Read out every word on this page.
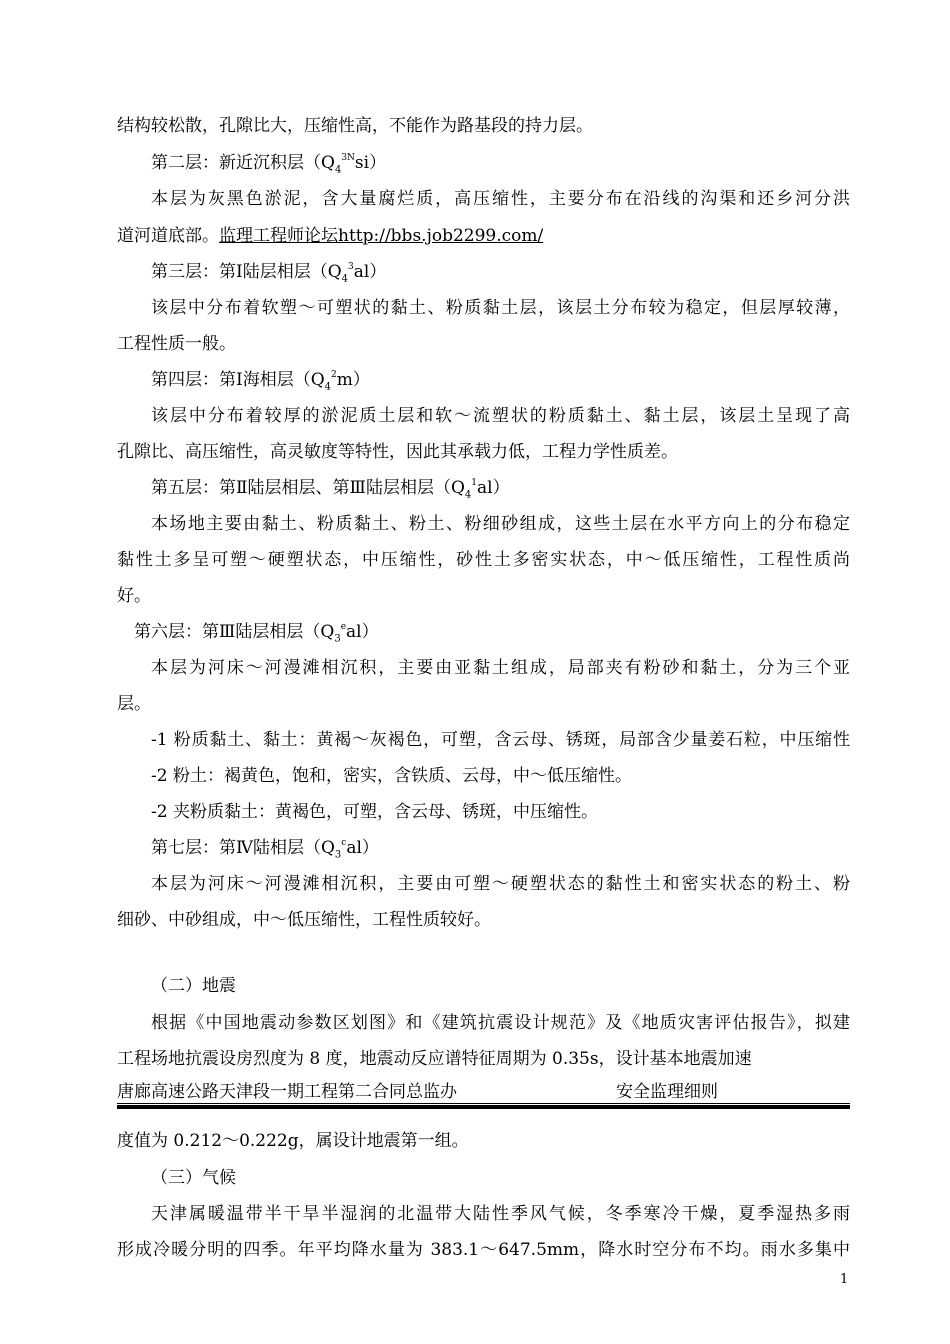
结构较松散，孔隙比大，压缩性高，不能作为路基段的持力层。
第二层：新近沉积层$(Q_4^{3N}si)$
本层为灰黑色淤泥，含大量腐烂质，高压缩性，主要分布在沿线的沟渠和还乡河分洪
道河道底部。监理工程师论坛http://bbs.job2299.com/
第三层：第Ⅰ陆层相层$(Q_4^3al)$
该层中分布着软塑～可塑状的黏土、粉质黏土层，该层土分布较为稳定，但层厚较薄，
工程性质一般。
第四层：第Ⅰ海相层$(Q_4^2m)$
该层中分布着较厚的淤泥质土层和软～流塑状的粉质黏土、黏土层，该层土呈现了高
孔隙比、高压缩性，高灵敏度等特性，因此其承载力低，工程力学性质差。
第五层：第Ⅱ陆层相层、第Ⅲ陆层相层$(Q_4^1al)$
本场地主要由黏土、粉质黏土、粉土、粉细砂组成，这些土层在水平方向上的分布稳定
黏性土多呈可塑～硬塑状态，中压缩性，砂性土多密实状态，中～低压缩性，工程性质尚
好。
第六层：第Ⅲ陆层相层$(Q_3^eal)$
本层为河床～河漫滩相沉积，主要由亚黏土组成，局部夹有粉砂和黏土，分为三个亚
层。
-1 粉质黏土、黏土：黄褐～灰褐色，可塑，含云母、锈斑，局部含少量姜石粒，中压缩性
-2 粉土：褐黄色，饱和，密实，含铁质、云母，中～低压缩性。
-2 夹粉质黏土：黄褐色，可塑，含云母、锈斑，中压缩性。
第七层：第Ⅳ陆相层$(Q_3^cal)$
本层为河床～河漫滩相沉积，主要由可塑～硬塑状态的黏性土和密实状态的粉土、粉
细砂、中砂组成，中～低压缩性，工程性质较好。
（二）地震
根据《中国地震动参数区划图》和《建筑抗震设计规范》及《地质灾害评估报告》，拟建
工程场地抗震设房烈度为 8 度，地震动反应谱特征周期为 0.35s，设计基本地震加速
唐廊高速公路天津段一期工程第二合同总监办	安全监理细则
度值为 0.212～0.222g，属设计地震第一组。
（三）气候
天津属暖温带半干旱半湿润的北温带大陆性季风气候，冬季寒冷干燥，夏季湿热多雨
形成冷暖分明的四季。年平均降水量为 383.1～647.5mm，降水时空分布不均。雨水多集中
1
